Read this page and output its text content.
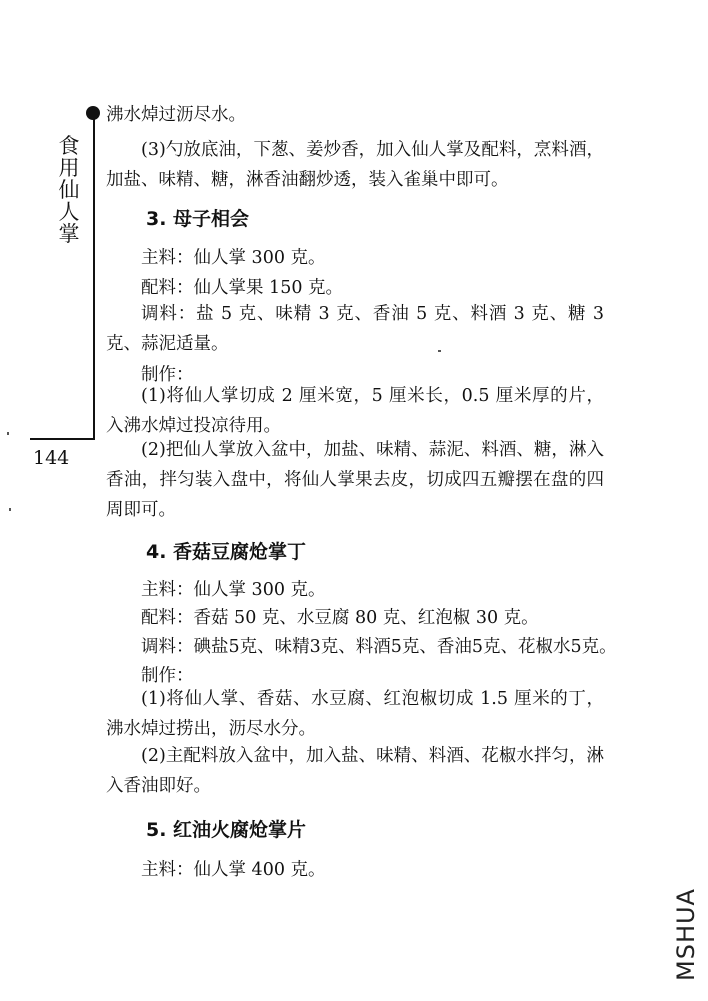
食用仙人掌
144

沸水焯过沥尽水。

(3)勺放底油，下葱、姜炒香，加入仙人掌及配料，烹料酒，加盐、味精、糖，淋香油翻炒透，装入雀巢中即可。

3. 母子相会

主料：仙人掌 300 克。

配料：仙人掌果 150 克。

调料：盐 5 克、味精 3 克、香油 5 克、料酒 3 克、糖 3 克、蒜泥适量。

制作：

(1)将仙人掌切成 2 厘米宽，5 厘米长，0.5 厘米厚的片，入沸水焯过投凉待用。

(2)把仙人掌放入盆中，加盐、味精、蒜泥、料酒、糖，淋入香油，拌匀装入盘中，将仙人掌果去皮，切成四五瓣摆在盘的四周即可。

4. 香菇豆腐炝掌丁

主料：仙人掌 300 克。

配料：香菇 50 克、水豆腐 80 克、红泡椒 30 克。

调料：碘盐5克、味精3克、料酒5克、香油5克、花椒水5克。

制作：

(1)将仙人掌、香菇、水豆腐、红泡椒切成 1.5 厘米的丁，沸水焯过捞出，沥尽水分。

(2)主配料放入盆中，加入盐、味精、料酒、花椒水拌匀，淋入香油即好。

5. 红油火腐炝掌片

主料：仙人掌 400 克。

MSHUA
